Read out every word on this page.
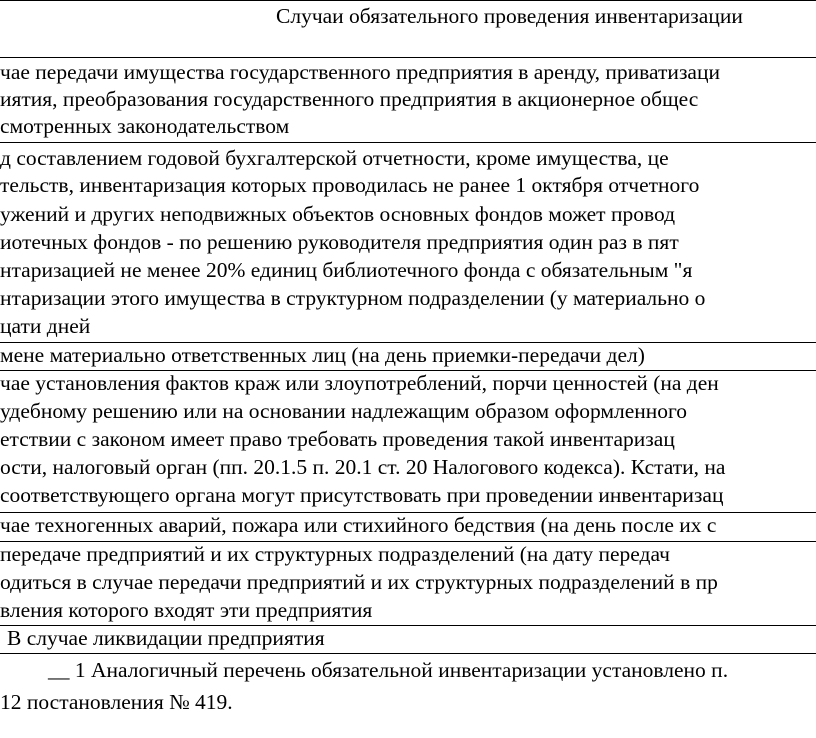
Случаи обязательного проведения инвентаризации
чае передачи имущества государственного предприятия в аренду, приватизаци
иятия, преобразования государственного предприятия в акционерное общес
смотренных законодательством
д составлением годовой бухгалтерской отчетности, кроме имущества, це
тельств, инвентаризация которых проводилась не ранее 1 октября отчетного
ужений и других неподвижных объектов основных фондов может провод
иотечных фондов - по решению руководителя предприятия один раз в пят
нтаризацией не менее 20% единиц библиотечного фонда с обязательным "я
нтаризации этого имущества в структурном подразделении (у материально о
цати дней
мене материально ответственных лиц (на день приемки-передачи дел)
чае установления фактов краж или злоупотреблений, порчи ценностей (на ден
удебному решению или на основании надлежащим образом оформленного
етствии с законом имеет право требовать проведения такой инвентаризац
ости, налоговый орган (пп. 20.1.5 п. 20.1 ст. 20 Налогового кодекса). Кстати, на
соответствующего органа могут присутствовать при проведении инвентаризац
чае техногенных аварий, пожара или стихийного бедствия (на день после их с
передаче предприятий и их структурных подразделений (на дату передач
одиться в случае передачи предприятий и их структурных подразделений в пр
вления которого входят эти предприятия
В случае ликвидации предприятия
__ 1 Аналогичный перечень обязательной инвентаризации установлено п.
12 постановления № 419.
